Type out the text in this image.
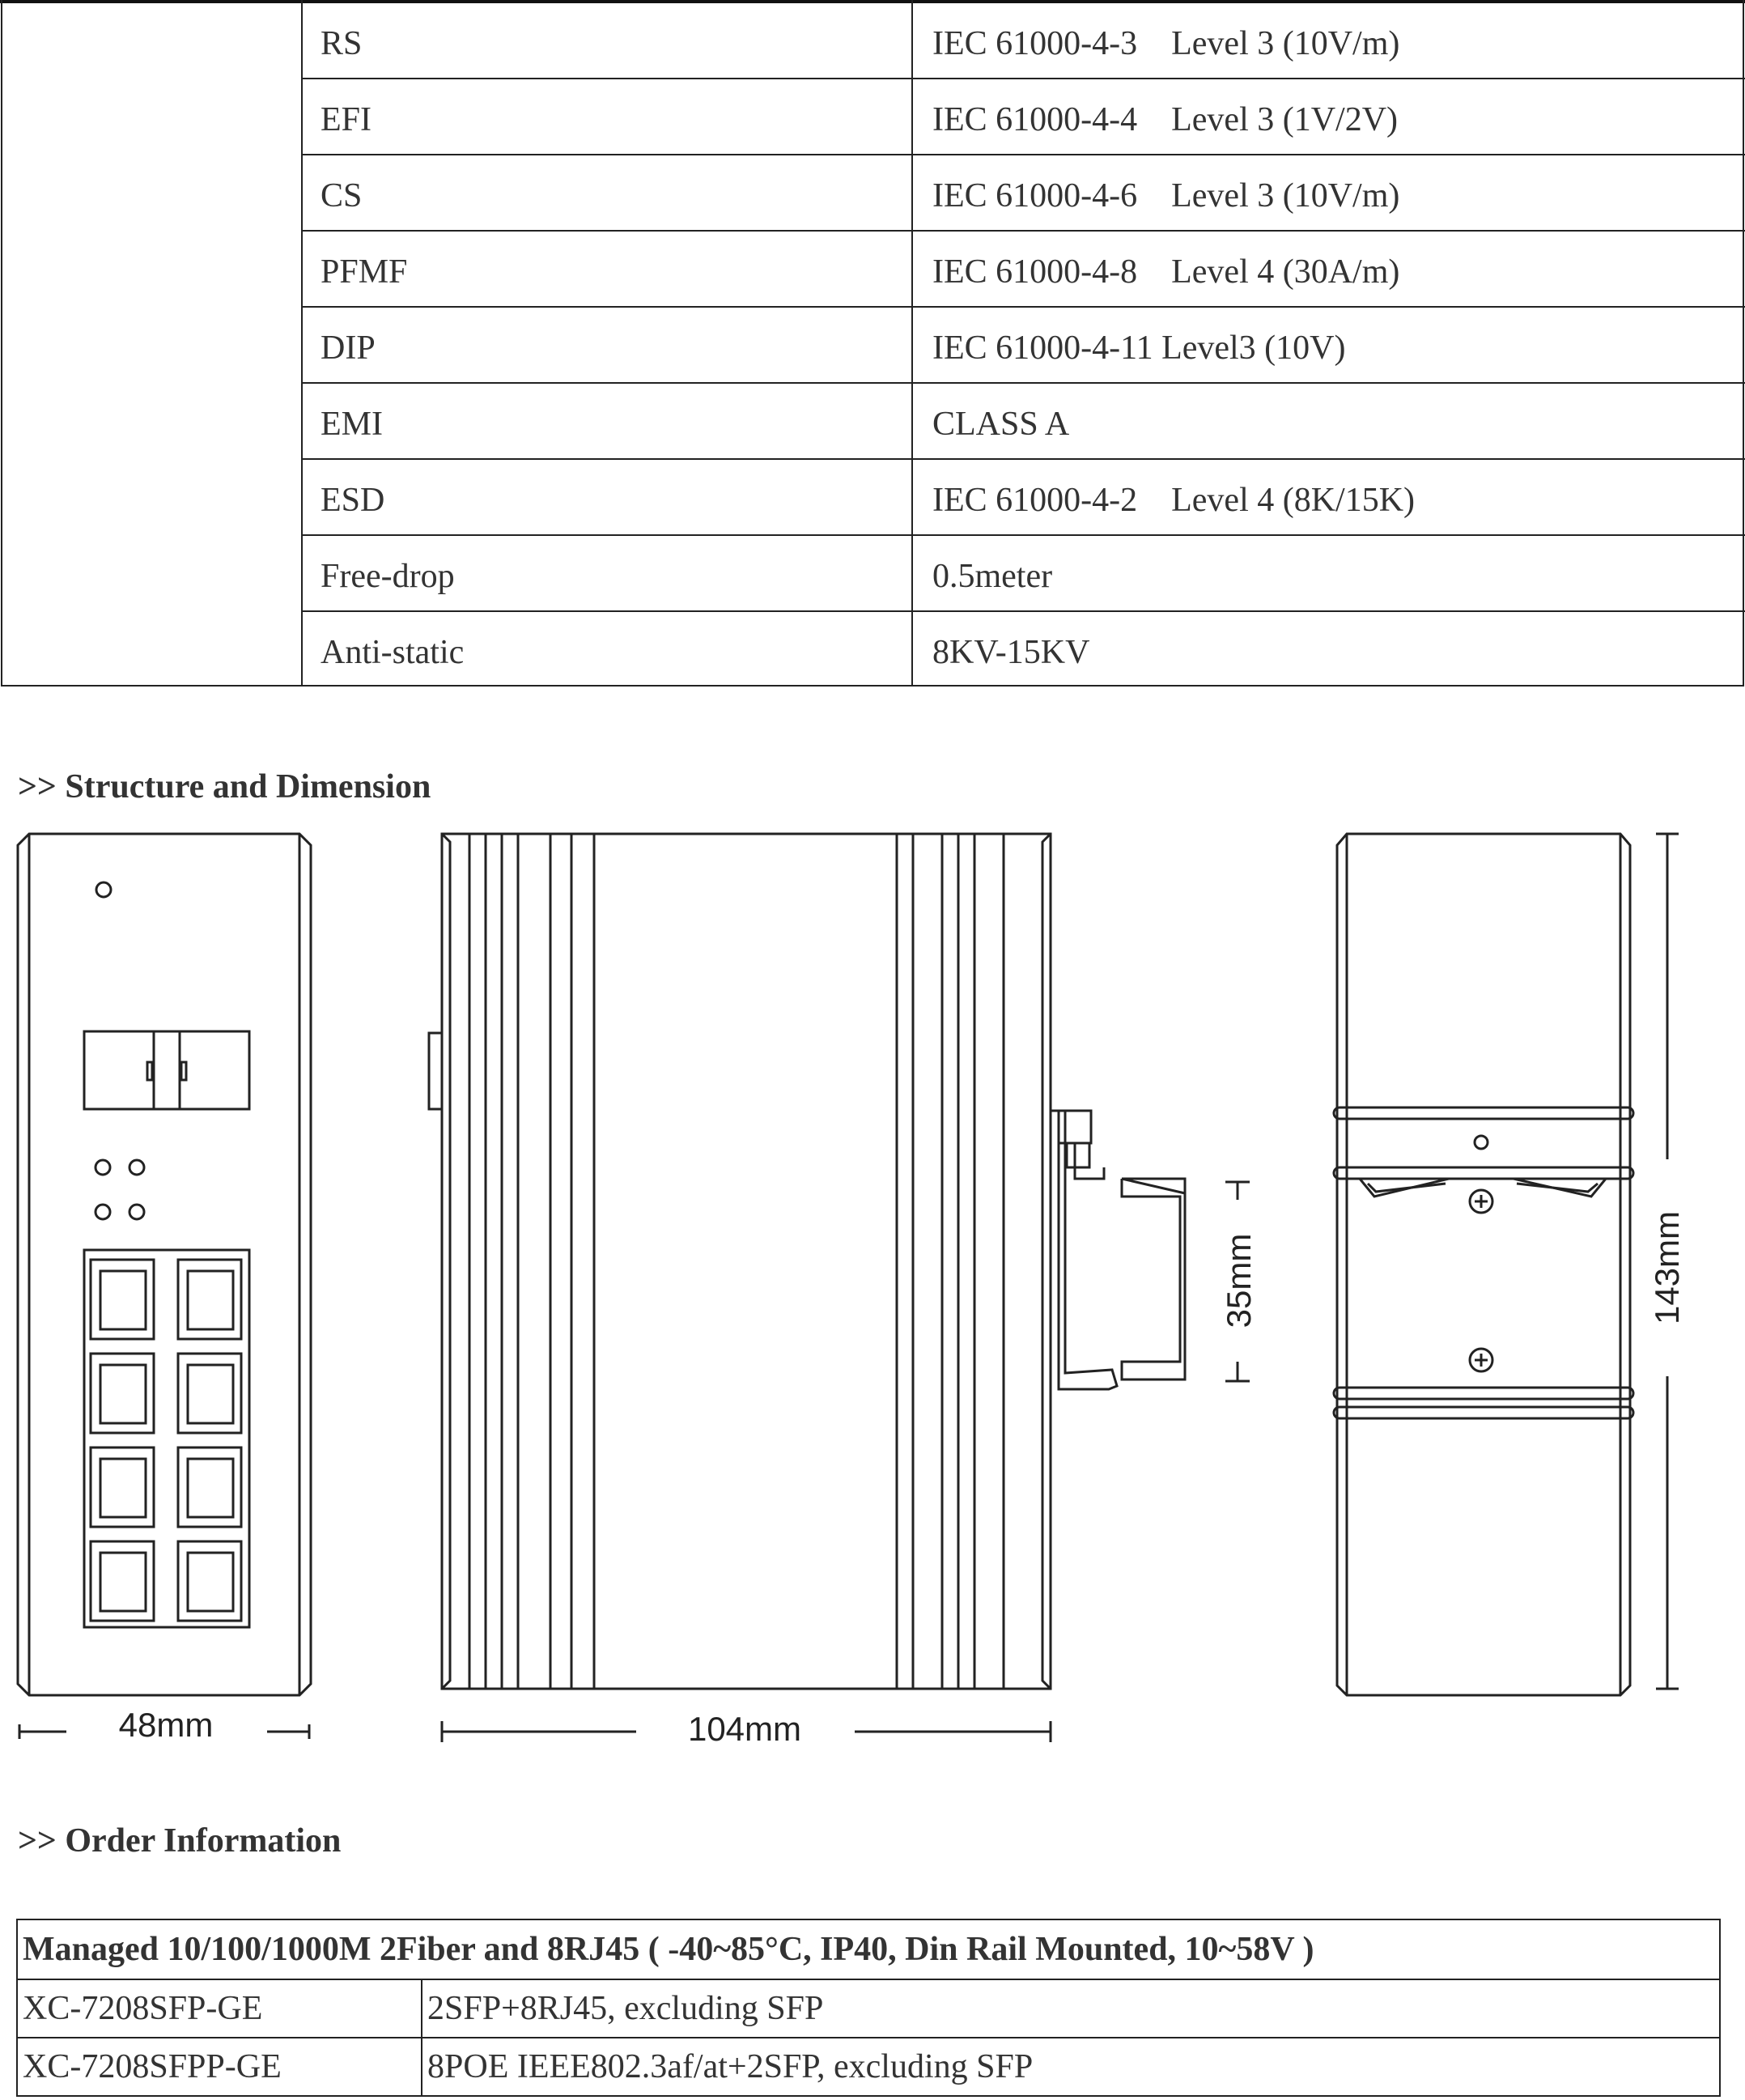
RS	IEC 61000-4-3    Level 3 (10V/m)
EFI	IEC 61000-4-4    Level 3 (1V/2V)
CS	IEC 61000-4-6    Level 3 (10V/m)
PFMF	IEC 61000-4-8    Level 4 (30A/m)
DIP	IEC 61000-4-11 Level3 (10V)
EMI	CLASS A
ESD	IEC 61000-4-2    Level 4 (8K/15K)
Free-drop	0.5meter
Anti-static	8KV-15KV
>> Structure and Dimension
48mm	104mm
35mm	143mm
>> Order Information
Managed 10/100/1000M 2Fiber and 8RJ45 ( -40~85°C, IP40, Din Rail Mounted, 10~58V )	
XC-7208SFP-GE	2SFP+8RJ45, excluding SFP
XC-7208SFPP-GE	8POE IEEE802.3af/at+2SFP, excluding SFP
